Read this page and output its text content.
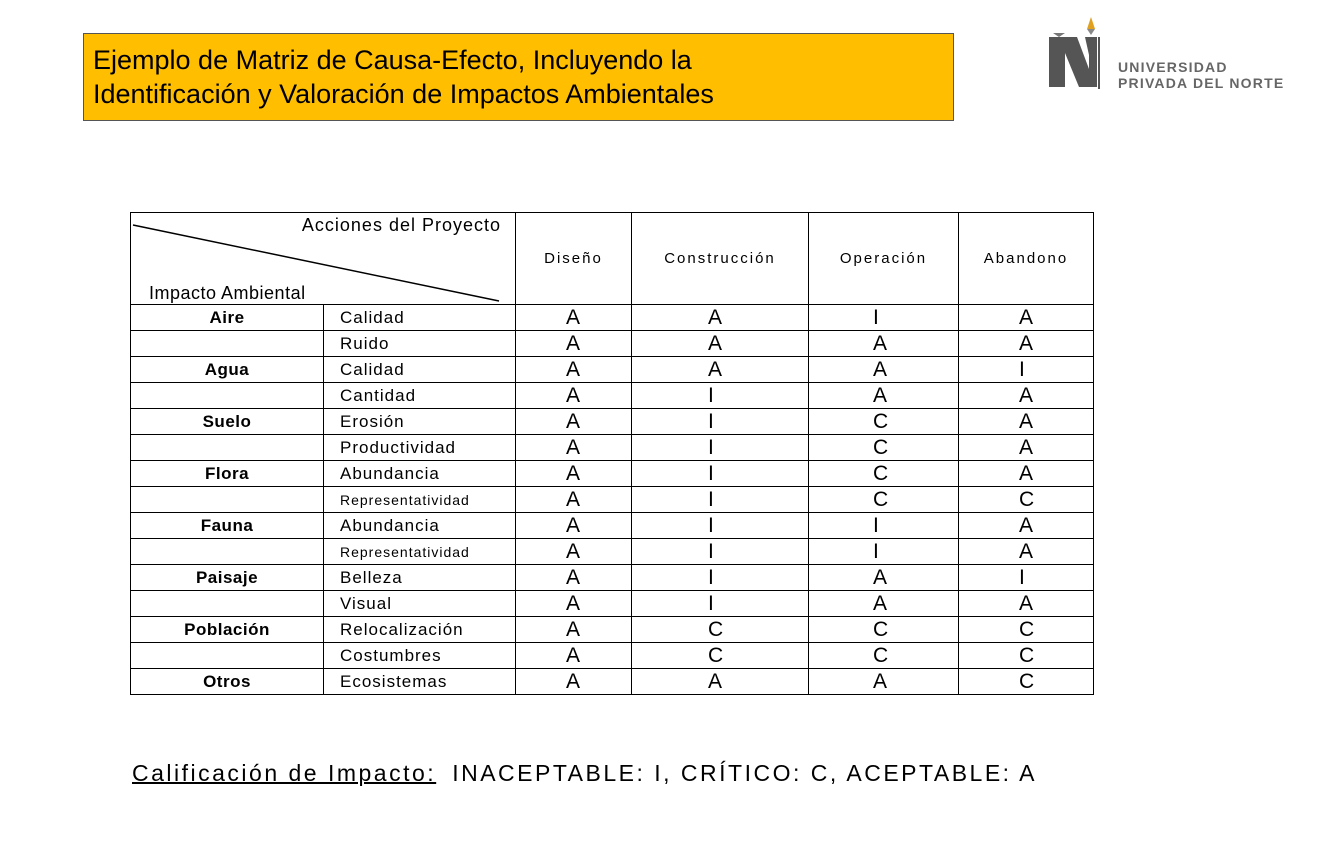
Ejemplo de Matriz de Causa-Efecto, Incluyendo la
Identificación y Valoración de Impactos Ambientales
UNIVERSIDAD
PRIVADA DEL NORTE
Acciones del Proyecto
Impacto Ambiental		Diseño	Construcción	Operación	Abandono
Aire	Calidad	A	A	I	A
	Ruido	A	A	A	A
Agua	Calidad	A	A	A	I
	Cantidad	A	I	A	A
Suelo	Erosión	A	I	C	A
	Productividad	A	I	C	A
Flora	Abundancia	A	I	C	A
	Representatividad	A	I	C	C
Fauna	Abundancia	A	I	I	A
	Representatividad	A	I	I	A
Paisaje	Belleza	A	I	A	I
	Visual	A	I	A	A
Población	Relocalización	A	C	C	C
	Costumbres	A	C	C	C
Otros	Ecosistemas	A	A	A	C
Calificación de Impacto: INACEPTABLE: I, CRÍTICO: C, ACEPTABLE: A
